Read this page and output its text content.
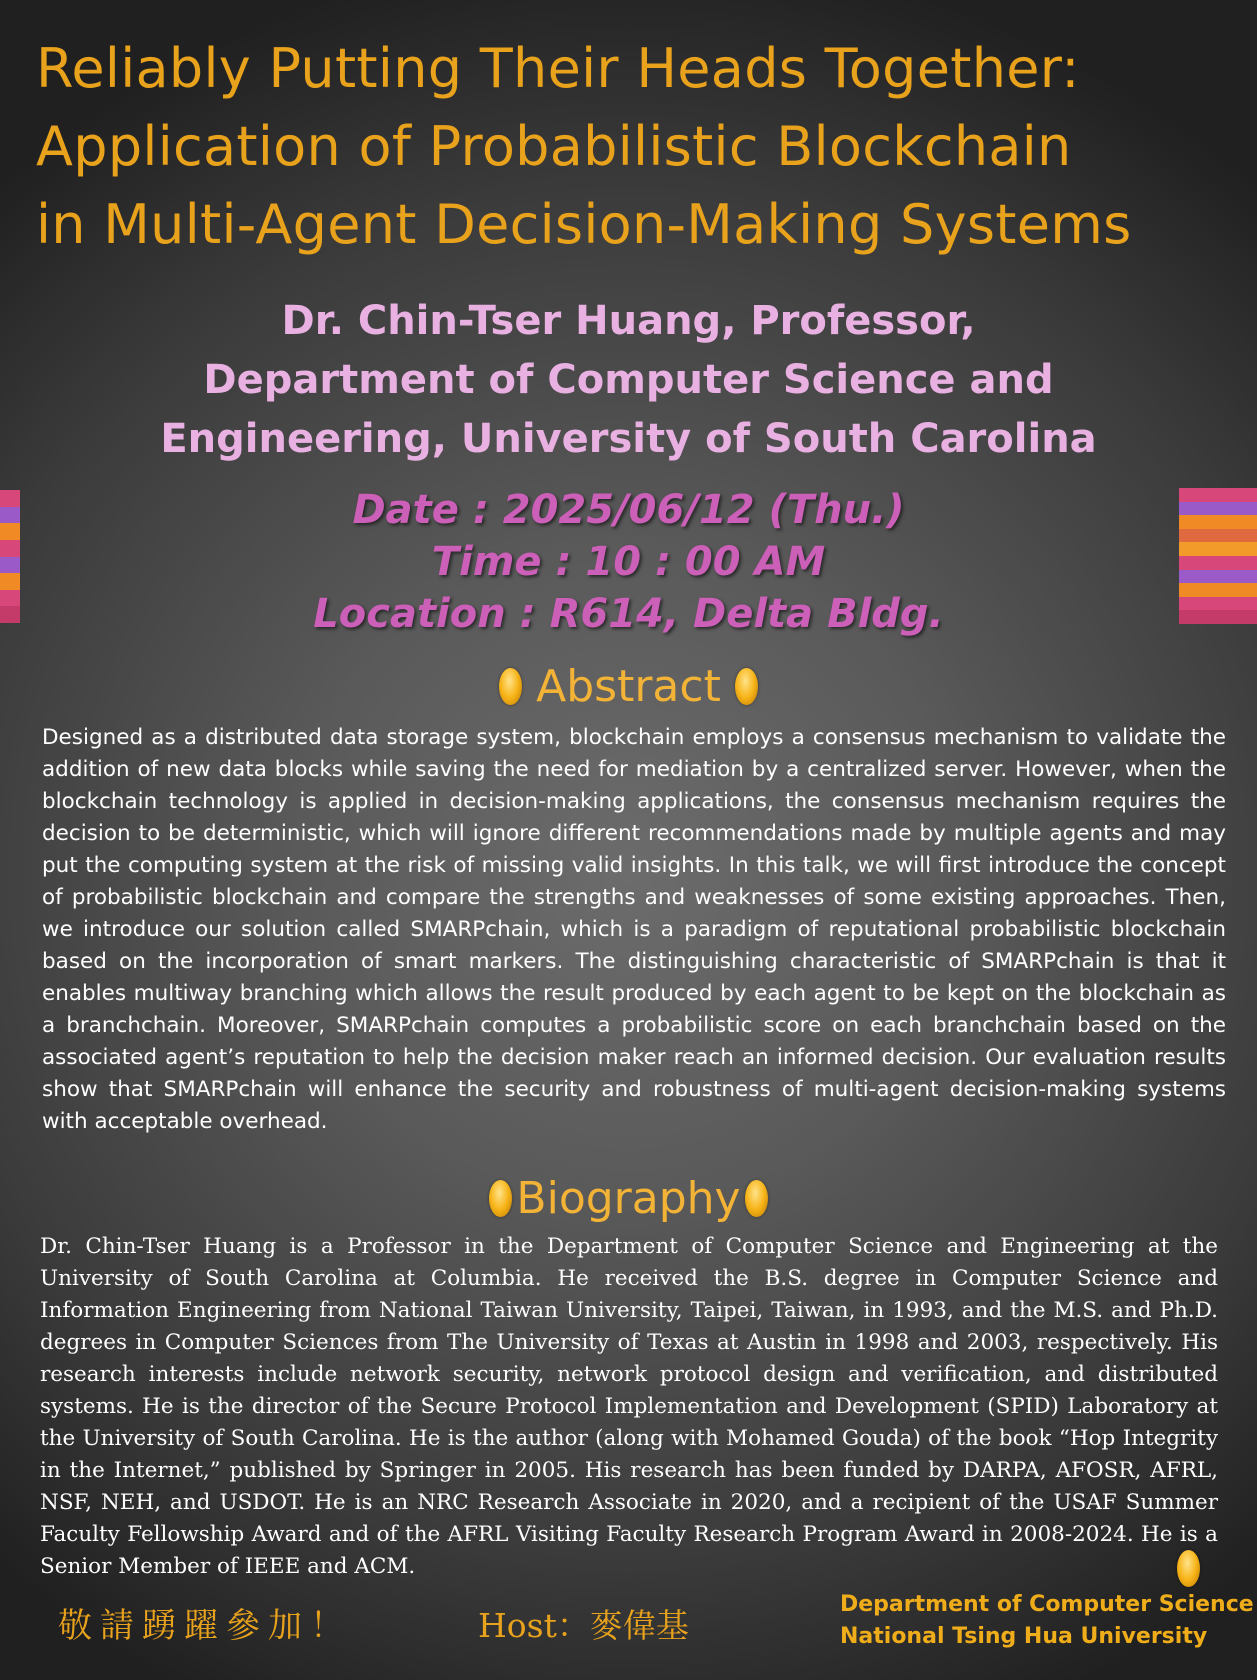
Reliably Putting Their Heads Together:
Application of Probabilistic Blockchain
in Multi-Agent Decision-Making Systems
Dr. Chin-Tser Huang, Professor,
Department of Computer Science and
Engineering, University of South Carolina
Date : 2025/06/12 (Thu.)
Time : 10 : 00 AM
Location : R614, Delta Bldg.
Abstract

Designed as a distributed data storage system, blockchain employs a consensus mechanism to validate the addition of new data blocks while saving the need for mediation by a centralized server. However, when the blockchain technology is applied in decision-making applications, the consensus mechanism requires the decision to be deterministic, which will ignore different recommendations made by multiple agents and may put the computing system at the risk of missing valid insights. In this talk, we will first introduce the concept of probabilistic blockchain and compare the strengths and weaknesses of some existing approaches. Then, we introduce our solution called SMARPchain, which is a paradigm of reputational probabilistic blockchain based on the incorporation of smart markers. The distinguishing characteristic of SMARPchain is that it enables multiway branching which allows the result produced by each agent to be kept on the blockchain as a branchchain. Moreover, SMARPchain computes a probabilistic score on each branchchain based on the associated agent’s reputation to help the decision maker reach an informed decision. Our evaluation results show that SMARPchain will enhance the security and robustness of multi-agent decision-making systems with acceptable overhead.

Biography

Dr. Chin-Tser Huang is a Professor in the Department of Computer Science and Engineering at the University of South Carolina at Columbia. He received the B.S. degree in Computer Science and Information Engineering from National Taiwan University, Taipei, Taiwan, in 1993, and the M.S. and Ph.D. degrees in Computer Sciences from The University of Texas at Austin in 1998 and 2003, respectively. His research interests include network security, network protocol design and verification, and distributed systems. He is the director of the Secure Protocol Implementation and Development (SPID) Laboratory at the University of South Carolina. He is the author (along with Mohamed Gouda) of the book “Hop Integrity in the Internet,” published by Springer in 2005. His research has been funded by DARPA, AFOSR, AFRL, NSF, NEH, and USDOT. He is an NRC Research Associate in 2020, and a recipient of the USAF Summer Faculty Fellowship Award and of the AFRL Visiting Faculty Research Program Award in 2008-2024. He is a Senior Member of IEEE and ACM.

敬請踴躍參加！	Host：麥偉基
Department of Computer Science
National Tsing Hua University
